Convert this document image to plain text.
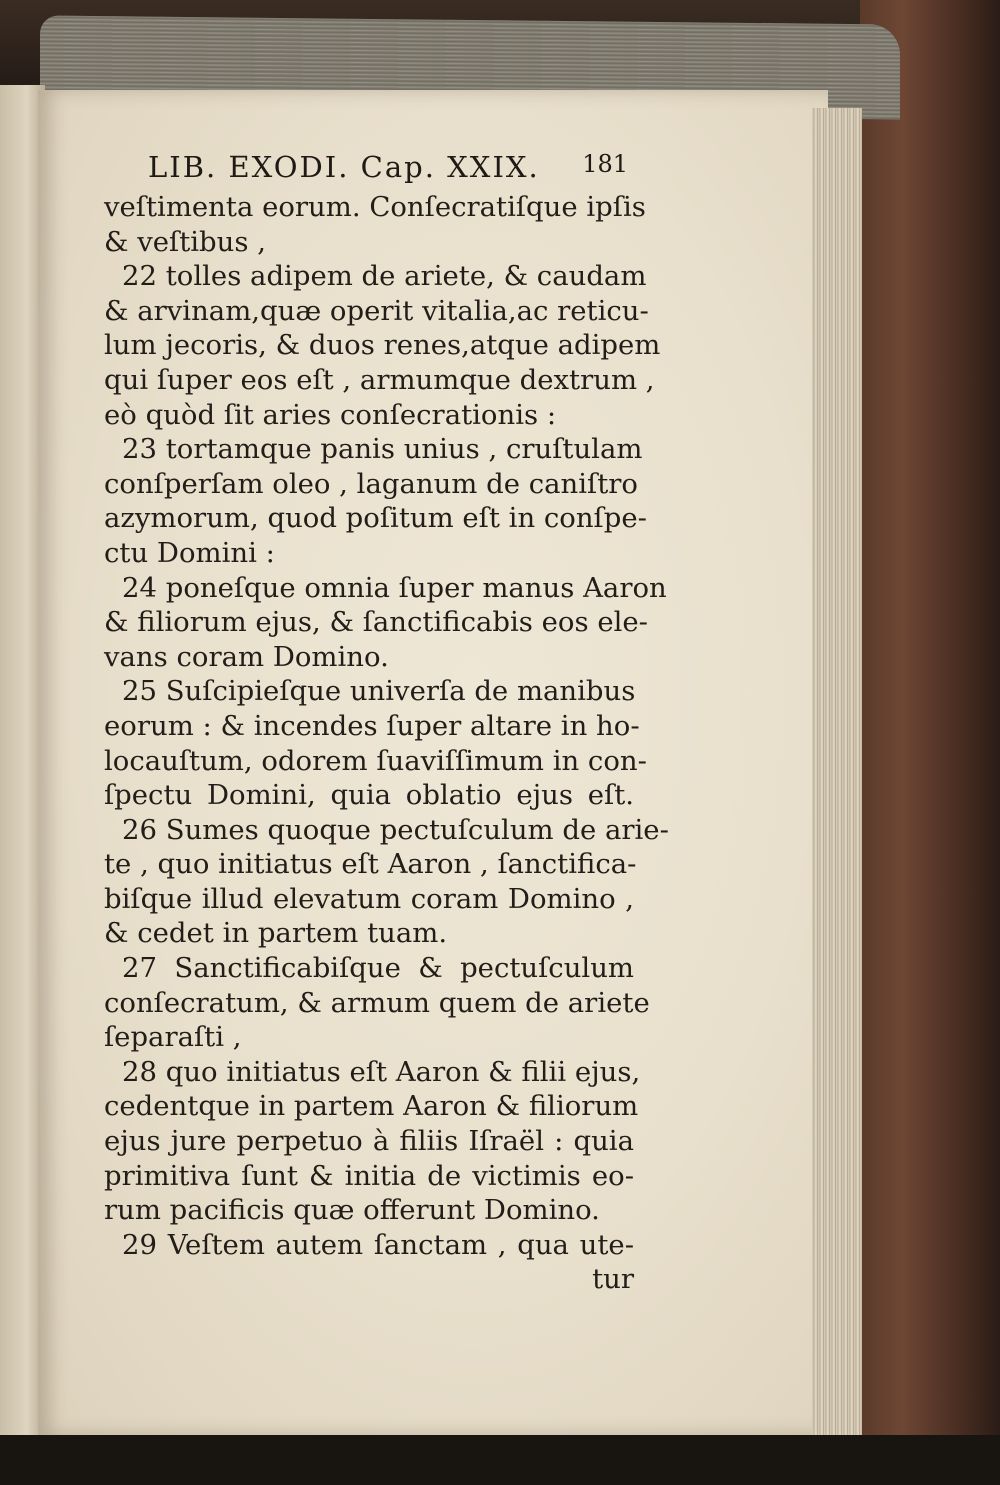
LIB. EXODI. Cap. XXIX. 181
veſtimenta eorum. Conſecratiſque ipſis
& veſtibus ,
22 tolles adipem de ariete, & caudam
& arvinam,quæ operit vitalia,ac reticu-
lum jecoris, & duos renes,atque adipem
qui ſuper eos eſt , armumque dextrum ,
eò quòd ſit aries conſecrationis :
23 tortamque panis unius , cruſtulam
conſperſam oleo , laganum de caniſtro
azymorum, quod poſitum eſt in conſpe-
ctu Domini :
24 poneſque omnia ſuper manus Aaron
& filiorum ejus, & ſanctificabis eos ele-
vans coram Domino.
25 Suſcipieſque univerſa de manibus
eorum : & incendes ſuper altare in ho-
locauſtum, odorem ſuaviſſimum in con-
ſpectu Domini, quia oblatio ejus eſt.
26 Sumes quoque pectuſculum de arie-
te , quo initiatus eſt Aaron , ſanctifica-
biſque illud elevatum coram Domino ,
& cedet in partem tuam.
27 Sanctificabiſque & pectuſculum
conſecratum, & armum quem de ariete
ſeparaſti ,
28 quo initiatus eſt Aaron & filii ejus,
cedentque in partem Aaron & filiorum
ejus jure perpetuo à filiis Iſraël : quia
primitiva ſunt & initia de victimis eo-
rum pacificis quæ offerunt Domino.
29 Veſtem autem ſanctam , qua ute-
tur
